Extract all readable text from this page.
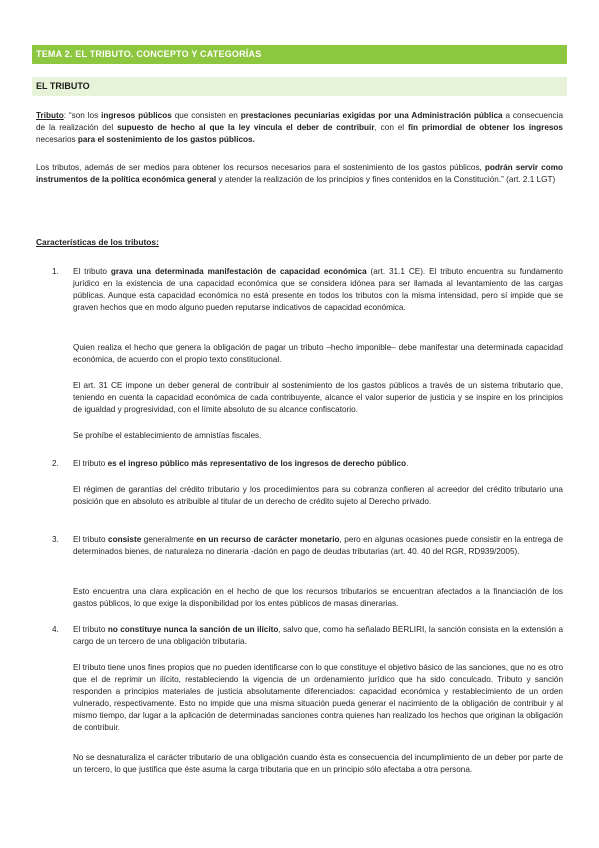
TEMA 2. EL TRIBUTO. CONCEPTO Y CATEGORÍAS
EL TRIBUTO
Tributo: “son los ingresos públicos que consisten en prestaciones pecuniarias exigidas por una Administración pública a consecuencia de la realización del supuesto de hecho al que la ley vincula el deber de contribuir, con el fin primordial de obtener los ingresos necesarios para el sostenimiento de los gastos públicos.
Los tributos, además de ser medios para obtener los recursos necesarios para el sostenimiento de los gastos públicos, podrán servir como instrumentos de la política económica general y atender la realización de los principios y fines contenidos en la Constitución.” (art. 2.1 LGT)
Características de los tributos:
1.	El tributo grava una determinada manifestación de capacidad económica (art. 31.1 CE). El tributo encuentra su fundamento jurídico en la existencia de una capacidad económica que se considera idónea para ser llamada al levantamiento de las cargas públicas. Aunque esta capacidad económica no está presente en todos los tributos con la misma intensidad, pero sí impide que se graven hechos que en modo alguno pueden reputarse indicativos de capacidad económica.
Quien realiza el hecho que genera la obligación de pagar un tributo –hecho imponible– debe manifestar una determinada capacidad económica, de acuerdo con el propio texto constitucional.
El art. 31 CE impone un deber general de contribuir al sostenimiento de los gastos públicos a través de un sistema tributario que, teniendo en cuenta la capacidad económica de cada contribuyente, alcance el valor superior de justicia y se inspire en los principios de igualdad y progresividad, con el límite absoluto de su alcance confiscatorio.
Se prohíbe el establecimiento de amnistías fiscales.
2.	El tributo es el ingreso público más representativo de los ingresos de derecho público.
El régimen de garantías del crédito tributario y los procedimientos para su cobranza confieren al acreedor del crédito tributario una posición que en absoluto es atribuible al titular de un derecho de crédito sujeto al Derecho privado.
3.	El tributo consiste generalmente en un recurso de carácter monetario, pero en algunas ocasiones puede consistir en la entrega de determinados bienes, de naturaleza no dineraria -dación en pago de deudas tributarias (art. 40. 40 del RGR, RD939/2005).
Esto encuentra una clara explicación en el hecho de que los recursos tributarios se encuentran afectados a la financiación de los gastos públicos, lo que exige la disponibilidad por los entes públicos de masas dinerarias.
4.	El tributo no constituye nunca la sanción de un ilícito, salvo que, como ha señalado BERLIRI, la sanción consista en la extensión a cargo de un tercero de una obligación tributaria.
El tributo tiene unos fines propios que no pueden identificarse con lo que constituye el objetivo básico de las sanciones, que no es otro que el de reprimir un ilícito, restableciendo la vigencia de un ordenamiento jurídico que ha sido conculcado. Tributo y sanción responden a principios materiales de justicia absolutamente diferenciados: capacidad económica y restablecimiento de un orden vulnerado, respectivamente. Esto no impide que una misma situación pueda generar el nacimiento de la obligación de contribuir y al mismo tiempo, dar lugar a la aplicación de determinadas sanciones contra quienes han realizado los hechos que originan la obligación de contribuir.
No se desnaturaliza el carácter tributario de una obligación cuando ésta es consecuencia del incumplimiento de un deber por parte de un tercero, lo que justifica que éste asuma la carga tributaria que en un principio sólo afectaba a otra persona.
